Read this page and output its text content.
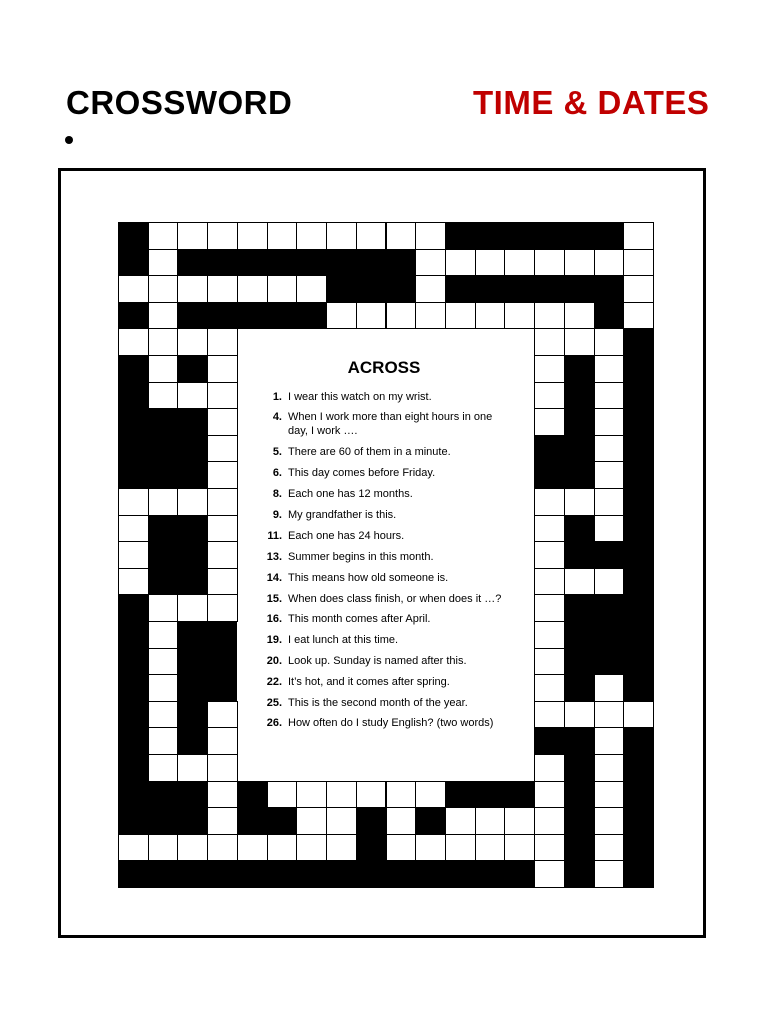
CROSSWORD	TIME & DATES
ACROSS
1. I wear this watch on my wrist.
4. When I work more than eight hours in one day, I work ….
5. There are 60 of them in a minute.
6. This day comes before Friday.
8. Each one has 12 months.
9. My grandfather is this.
11. Each one has 24 hours.
13. Summer begins in this month.
14. This means how old someone is.
15. When does class finish, or when does it …?
16. This month comes after April.
19. I eat lunch at this time.
20. Look up. Sunday is named after this.
22. It’s hot, and it comes after spring.
25. This is the second month of the year.
26. How often do I study English? (two words)
